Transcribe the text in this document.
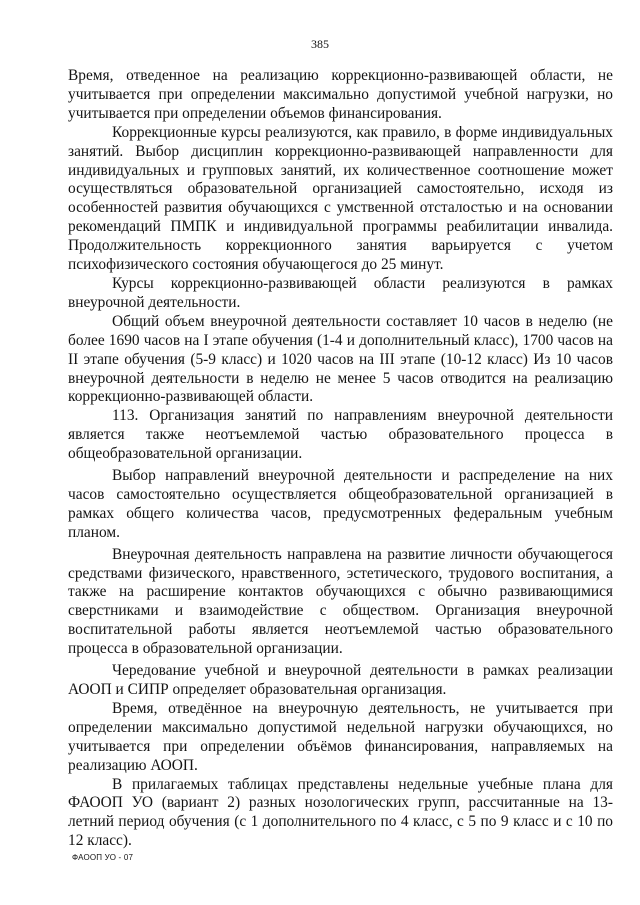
385

Время, отведенное на реализацию коррекционно-развивающей области, не учитывается при определении максимально допустимой учебной нагрузки, но учитывается при определении объемов финансирования.

Коррекционные курсы реализуются, как правило, в форме индивидуальных занятий. Выбор дисциплин коррекционно-развивающей направленности для индивидуальных и групповых занятий, их количественное соотношение может осуществляться образовательной организацией самостоятельно, исходя из особенностей развития обучающихся с умственной отсталостью и на основании рекомендаций ПМПК и индивидуальной программы реабилитации инвалида. Продолжительность коррекционного занятия варьируется с учетом психофизического состояния обучающегося до 25 минут.

Курсы коррекционно-развивающей области реализуются в рамках внеурочной деятельности.

Общий объем внеурочной деятельности составляет 10 часов в неделю (не более 1690 часов на I этапе обучения (1-4 и дополнительный класс), 1700 часов на II этапе обучения (5-9 класс) и 1020 часов на III этапе (10-12 класс) Из 10 часов внеурочной деятельности в неделю не менее 5 часов отводится на реализацию коррекционно-развивающей области.

113. Организация занятий по направлениям внеурочной деятельности является также неотъемлемой частью образовательного процесса в общеобразовательной организации.

Выбор направлений внеурочной деятельности и распределение на них часов самостоятельно осуществляется общеобразовательной организацией в рамках общего количества часов, предусмотренных федеральным учебным планом.

Внеурочная деятельность направлена на развитие личности обучающегося средствами физического, нравственного, эстетического, трудового воспитания, а также на расширение контактов обучающихся с обычно развивающимися сверстниками и взаимодействие с обществом. Организация внеурочной воспитательной работы является неотъемлемой частью образовательного процесса в образовательной организации.

Чередование учебной и внеурочной деятельности в рамках реализации АООП и СИПР определяет образовательная организация.

Время, отведённое на внеурочную деятельность, не учитывается при определении максимально допустимой недельной нагрузки обучающихся, но учитывается при определении объёмов финансирования, направляемых на реализацию АООП.

В прилагаемых таблицах представлены недельные учебные плана для ФАООП УО (вариант 2) разных нозологических групп, рассчитанные на 13-летний период обучения (с 1 дополнительного по 4 класс, с 5 по 9 класс и с 10 по 12 класс).

ФАООП УО - 07
